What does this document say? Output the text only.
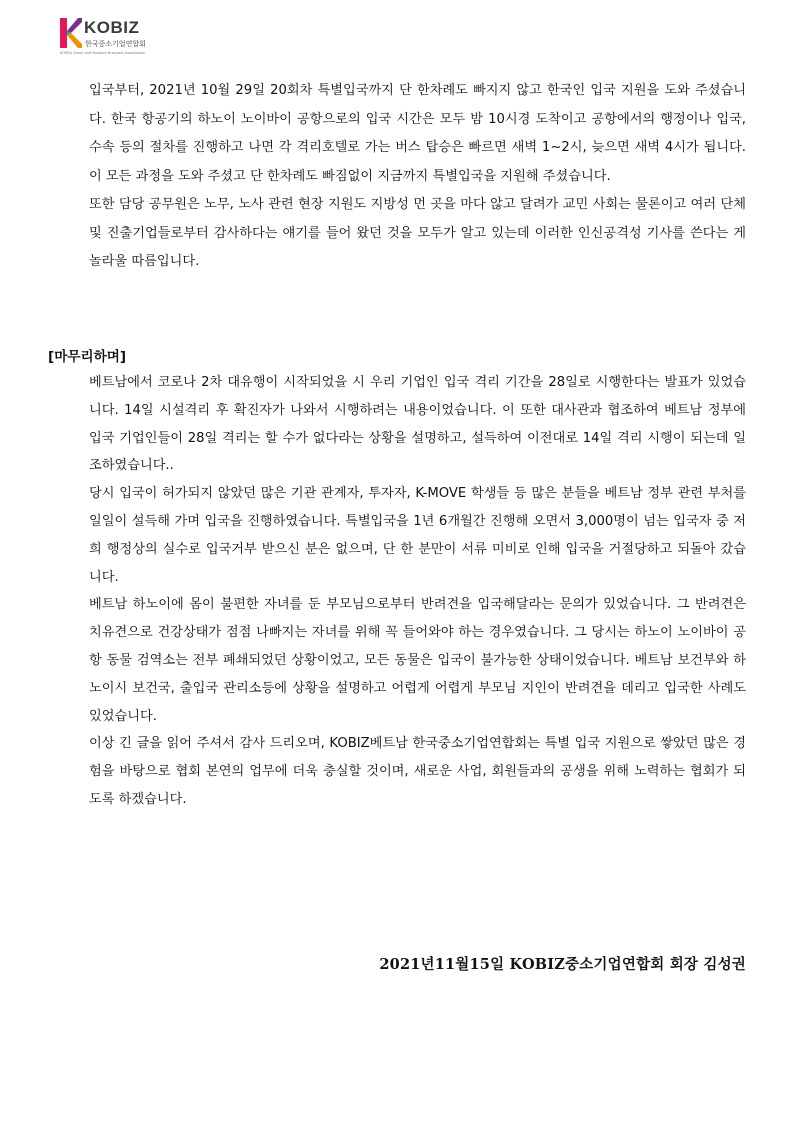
KOBIZ
한국중소기업연합회
KOREA Small and Medium Business Association

입국부터, 2021년 10월 29일 20회차 특별입국까지 단 한차례도 빠지지 않고 한국인 입국 지원을 도와 주셨습니다. 한국 항공기의 하노이 노이바이 공항으로의 입국 시간은 모두 밤 10시경 도착이고 공항에서의 행정이나 입국, 수속 등의 절차를 진행하고 나면 각 격리호텔로 가는 버스 탑승은 빠르면 새벽 1~2시, 늦으면 새벽 4시가 됩니다. 이 모든 과정을 도와 주셨고 단 한차례도 빠짐없이 지금까지 특별입국을 지원해 주셨습니다.

또한 담당 공무원은 노무, 노사 관련 현장 지원도 지방성 먼 곳을 마다 않고 달려가 교민 사회는 물론이고 여러 단체 및 진출기업들로부터 감사하다는 얘기를 들어 왔던 것을 모두가 알고 있는데 이러한 인신공격성 기사를 쓴다는 게 놀라울 따름입니다.

[마무리하며]

베트남에서 코로나 2차 대유행이 시작되었을 시 우리 기업인 입국 격리 기간을 28일로 시행한다는 발표가 있었습니다. 14일 시설격리 후 확진자가 나와서 시행하려는 내용이었습니다. 이 또한 대사관과 협조하여 베트남 정부에 입국 기업인들이 28일 격리는 할 수가 없다라는 상황을 설명하고, 설득하여 이전대로 14일 격리 시행이 되는데 일조하였습니다..

당시 입국이 허가되지 않았던 많은 기관 관계자, 투자자, K-MOVE 학생들 등 많은 분들을 베트남 정부 관련 부처를 일일이 설득해 가며 입국을 진행하였습니다. 특별입국을 1년 6개월간 진행해 오면서 3,000명이 넘는 입국자 중 저희 행정상의 실수로 입국거부 받으신 분은 없으며, 단 한 분만이 서류 미비로 인해 입국을 거절당하고 되돌아 갔습니다.

베트남 하노이에 몸이 불편한 자녀를 둔 부모님으로부터 반려견을 입국해달라는 문의가 있었습니다. 그 반려견은 치유견으로 건강상태가 점점 나빠지는 자녀를 위해 꼭 들어와야 하는 경우였습니다. 그 당시는 하노이 노이바이 공항 동물 검역소는 전부 폐쇄되었던 상황이었고, 모든 동물은 입국이 불가능한 상태이었습니다. 베트남 보건부와 하노이시 보건국, 출입국 관리소등에 상황을 설명하고 어렵게 어렵게 부모님 지인이 반려견을 데리고 입국한 사례도 있었습니다.

이상 긴 글을 읽어 주셔서 감사 드리오며, KOBIZ베트남 한국중소기업연합회는 특별 입국 지원으로 쌓았던 많은 경험을 바탕으로 협회 본연의 업무에 더욱 충실할 것이며, 새로운 사업, 회원들과의 공생을 위해 노력하는 협회가 되도록 하겠습니다.

2021년11월15일 KOBIZ중소기업연합회 회장 김성권
